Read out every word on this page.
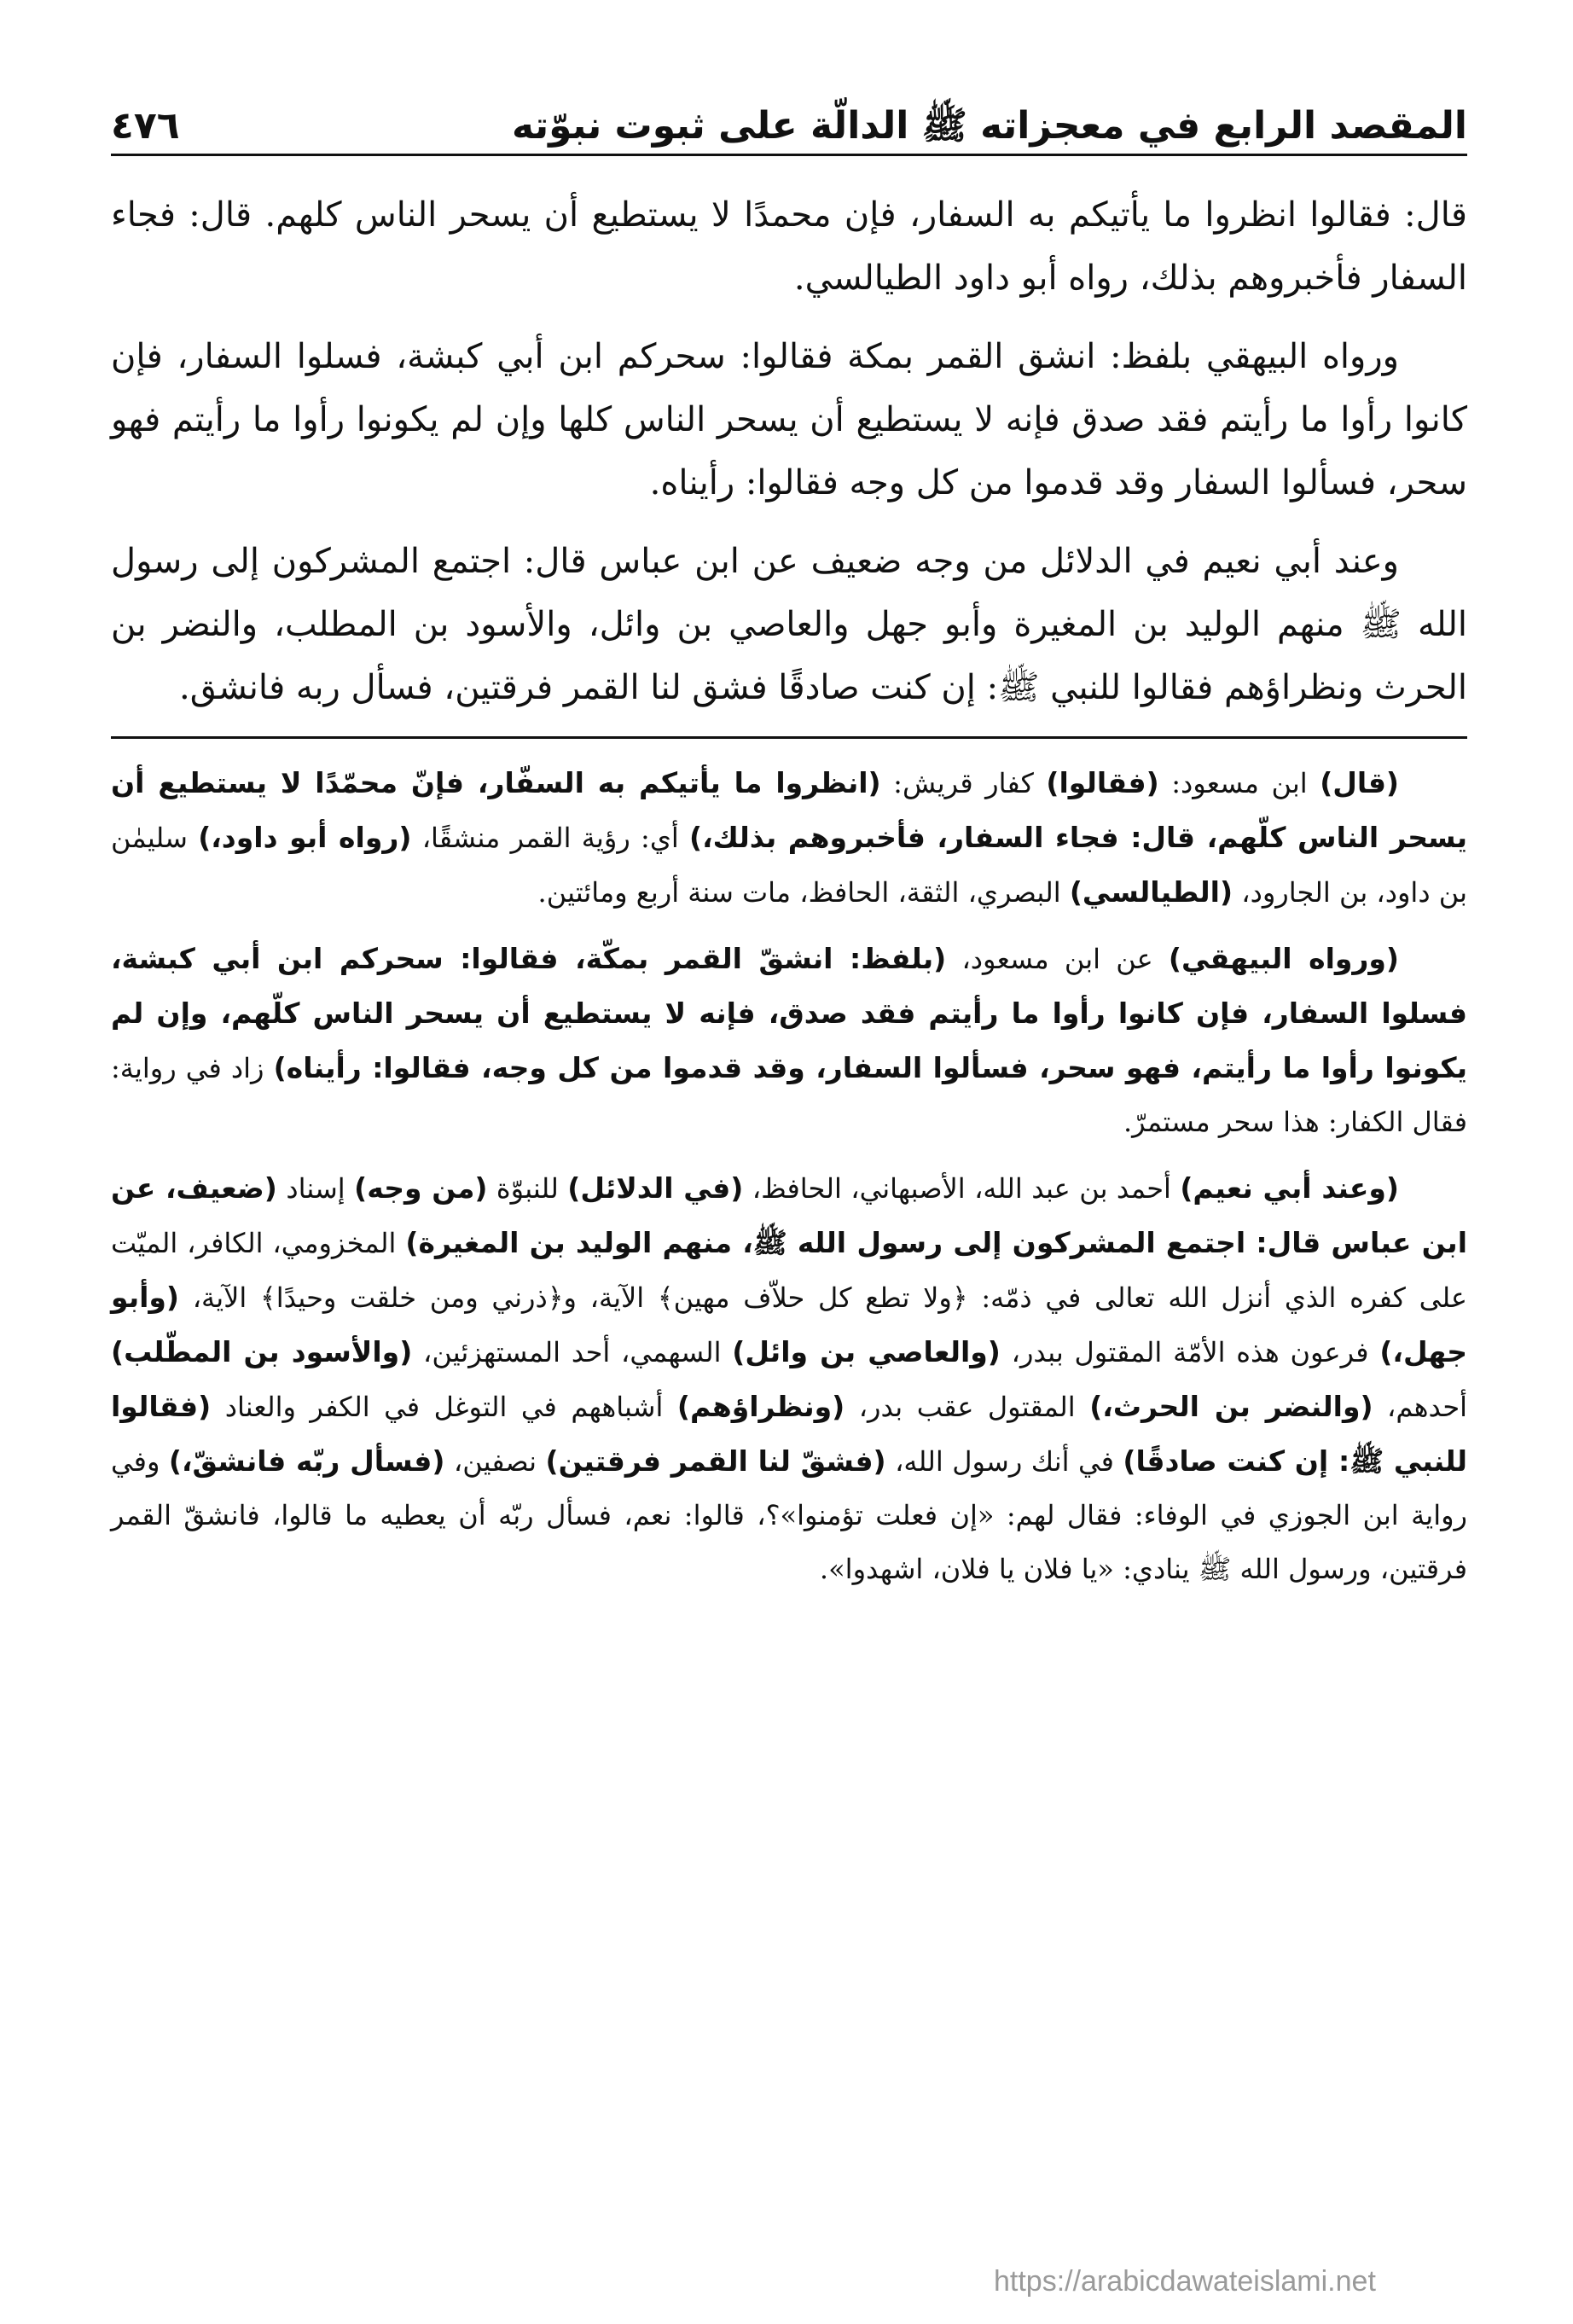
المقصد الرابع في معجزاته ﷺ الدالّة على ثبوت نبوّته
٤٧٦

قال: فقالوا انظروا ما يأتيكم به السفار، فإن محمدًا لا يستطيع أن يسحر الناس كلهم. قال: فجاء السفار فأخبروهم بذلك، رواه أبو داود الطيالسي.

ورواه البيهقي بلفظ: انشق القمر بمكة فقالوا: سحركم ابن أبي كبشة، فسلوا السفار، فإن كانوا رأوا ما رأيتم فقد صدق فإنه لا يستطيع أن يسحر الناس كلها وإن لم يكونوا رأوا ما رأيتم فهو سحر، فسألوا السفار وقد قدموا من كل وجه فقالوا: رأيناه.

وعند أبي نعيم في الدلائل من وجه ضعيف عن ابن عباس قال: اجتمع المشركون إلى رسول الله ﷺ منهم الوليد بن المغيرة وأبو جهل والعاصي بن وائل، والأسود بن المطلب، والنضر بن الحرث ونظراؤهم فقالوا للنبي ﷺ: إن كنت صادقًا فشق لنا القمر فرقتين، فسأل ربه فانشق.

(قال) ابن مسعود: (فقالوا) كفار قريش: (انظروا ما يأتيكم به السفّار، فإنّ محمّدًا لا يستطيع أن يسحر الناس كلّهم، قال: فجاء السفار، فأخبروهم بذلك،) أي: رؤية القمر منشقًا، (رواه أبو داود،) سليمٰن بن داود، بن الجارود، (الطيالسي) البصري، الثقة، الحافظ، مات سنة أربع ومائتين.

(ورواه البيهقي) عن ابن مسعود، (بلفظ: انشقّ القمر بمكّة، فقالوا: سحركم ابن أبي كبشة، فسلوا السفار، فإن كانوا رأوا ما رأيتم فقد صدق، فإنه لا يستطيع أن يسحر الناس كلّهم، وإن لم يكونوا رأوا ما رأيتم، فهو سحر، فسألوا السفار، وقد قدموا من كل وجه، فقالوا: رأيناه) زاد في رواية: فقال الكفار: هذا سحر مستمرّ.

(وعند أبي نعيم) أحمد بن عبد الله، الأصبهاني، الحافظ، (في الدلائل) للنبوّة (من وجه) إسناد (ضعيف، عن ابن عباس قال: اجتمع المشركون إلى رسول الله ﷺ، منهم الوليد بن المغيرة) المخزومي، الكافر، الميّت على كفره الذي أنزل الله تعالى في ذمّه: ﴿ولا تطع كل حلاّف مهين﴾ الآية، و﴿ذرني ومن خلقت وحيدًا﴾ الآية، (وأبو جهل،) فرعون هذه الأمّة المقتول ببدر، (والعاصي بن وائل) السهمي، أحد المستهزئين، (والأسود بن المطّلب) أحدهم، (والنضر بن الحرث،) المقتول عقب بدر، (ونظراؤهم) أشباههم في التوغل في الكفر والعناد (فقالوا للنبي ﷺ: إن كنت صادقًا) في أنك رسول الله، (فشقّ لنا القمر فرقتين) نصفين، (فسأل ربّه فانشقّ،) وفي رواية ابن الجوزي في الوفاء: فقال لهم: «إن فعلت تؤمنوا»؟، قالوا: نعم، فسأل ربّه أن يعطيه ما قالوا، فانشقّ القمر فرقتين، ورسول الله ﷺ ينادي: «يا فلان يا فلان، اشهدوا».

https://arabicdawateislami.net
